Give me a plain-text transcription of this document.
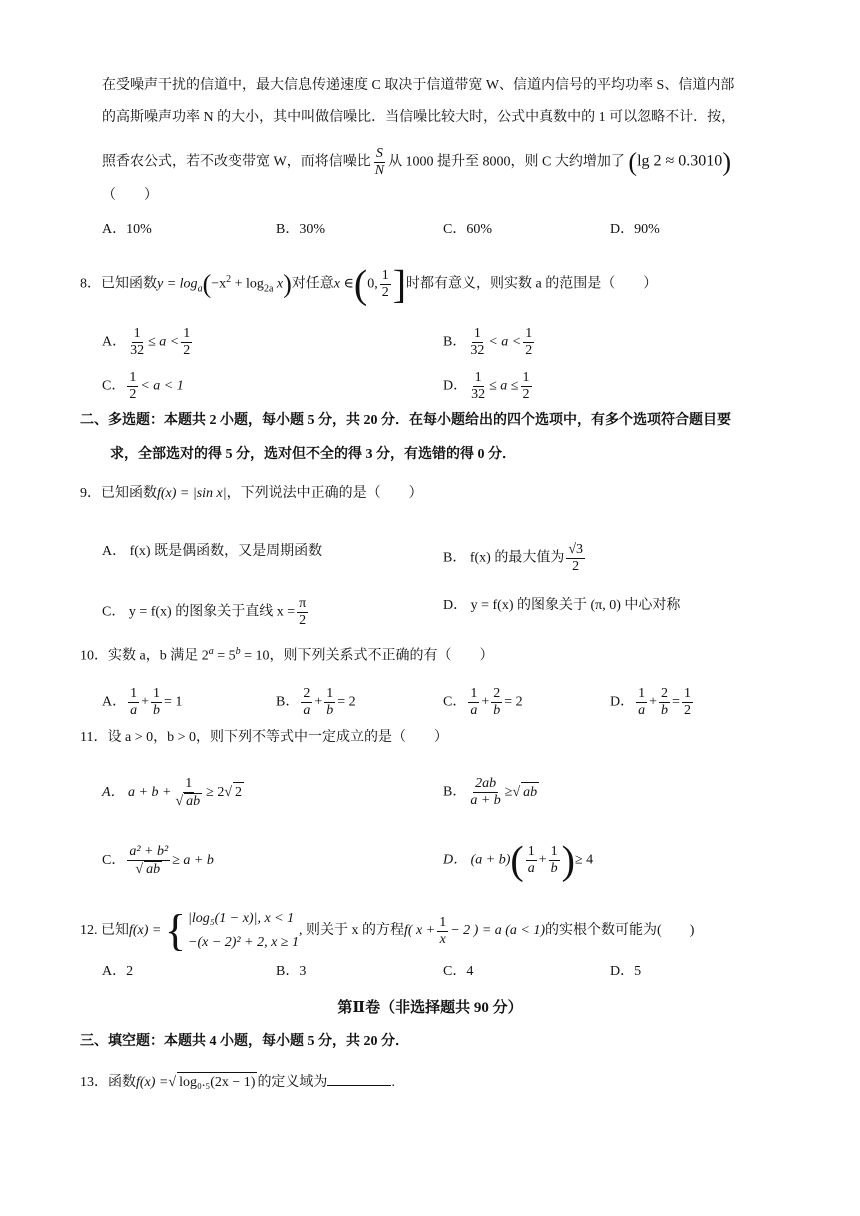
在受噪声干扰的信道中，最大信息传递速度 C 取决于信道带宽 W、信道内信号的平均功率 S、信道内部
的高斯噪声功率 N 的大小，其中叫做信噪比．当信噪比较大时，公式中真数中的 1 可以忽略不计．按，
照香农公式，若不改变带宽 W，而将信噪比 $\frac{S}{N}$ 从 1000 提升至 8000，则 C 大约增加了 (lg 2 ≈ 0.3010)
（　　）
A．10%	B．30%	C．60%	D．90%
8．已知函数$y = \log_a(-x^2 + \log_{2a} x)$对任意x ∈(0, $\frac{1}{2}$ ]时都有意义，则实数 a 的范围是（　　）
A． $\frac{1}{32} \le a < \frac{1}{2}$	B． $\frac{1}{32} < a < \frac{1}{2}$
C． $\frac{1}{2} < a < 1$	D． $\frac{1}{32} \le a \le \frac{1}{2}$
二、多选题：本题共 2 小题，每小题 5 分，共 20 分．在每小题给出的四个选项中，有多个选项符合题目要
求，全部选对的得 5 分，选对但不全的得 3 分，有选错的得 0 分．
9．已知函数f(x) = |sin x|，下列说法中正确的是（　　）
A． f(x) 既是偶函数，又是周期函数	B． f(x) 的最大值为 $\frac{√3}{2}$
C． y = f(x) 的图象关于直线 $x = \frac{\pi}{2}$	D． y = f(x) 的图象关于 (π, 0) 中心对称
10．实数 a，b 满足 $2^a = 5^b = 10$，则下列关系式不正确的有（　　）
A． $\frac{1}{a} + \frac{1}{b} = 1$	B． $\frac{2}{a} + \frac{1}{b} = 2$	C． $\frac{1}{a} + \frac{2}{b} = 2$	D． $\frac{1}{a} + \frac{2}{b} = \frac{1}{2}$
11．设 a > 0，b > 0，则下列不等式中一定成立的是（　　）
A． $a + b + \frac{1}{√ ab} \ge 2√$ 2	B． $\frac{2ab}{a + b}$ ≥√ ab
C． $\frac{\text{a² + b²}}{√ ab} \ge a + b$	D． $(a + b)( \frac{1}{a} + \frac{1}{b}$ )≥ 4
12. 已知f(x) = { |log₅(1 − x)|, x < 1
−(x − 2)² + 2, x ≥ 1
, 则关于 x 的方程f( $x + \frac{1}{x} - 2$ ) = a (a < 1)的实根个数可能为(　　)
A．2	B．3	C．4	D．5
第Ⅱ卷（非选择题共 90 分）
三、填空题：本题共 4 小题，每小题 5 分，共 20 分．
13．函数f(x) =√ log₀.₅(2x − 1) 的定义域为	.
